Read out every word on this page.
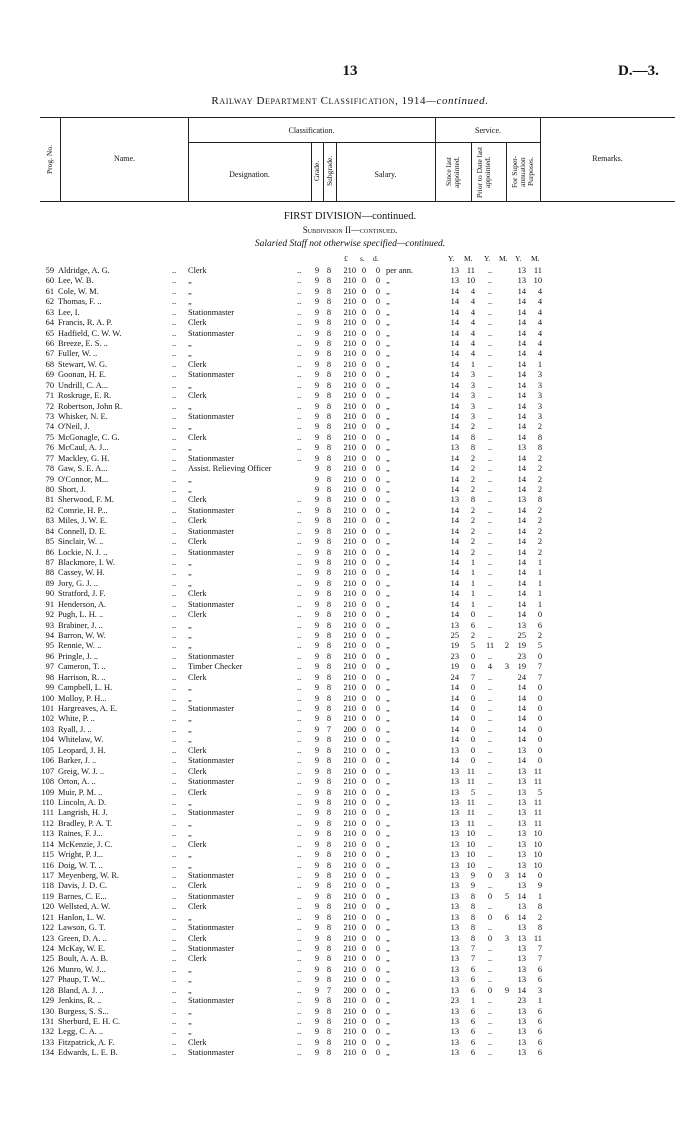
13	D.—3.
Railway Department Classification, 1914—continued.
Prog. No.	Name.
Classification.	Service.
Designation.	Grade. Subgrade.	Salary.	Since last appointed. Prior to Date last appointed.	For Super-annuation Purposes.	Remarks.
FIRST DIVISION—continued.
Subdivision II—continued.
Salaried Staff not otherwise specified—continued.
£ s. d.	Y. M. Y. M. Y. M.
59 Aldridge, A. G.	.. Clerk	.. 9 8	210 0 0 per ann.	13 11	..	13 11
60 Lee, W. B.	.. „	.. 9 8	210 0 0 „	13 10	..	13 10
61 Cole, W. M.	.. „	.. 9 8	210 0 0 „	14	4	..	14	4
62 Thomas, F. ..	.. „	.. 9 8	210 0 0 „	14	4	..	14	4
63 Lee, I.	.. Stationmaster	.. 9 8	210 0 0 „	14	4	..	14	4
64 Francis, R. A. P.	.. Clerk	.. 9 8	210 0 0 „	14	4	..	14	4
65 Hadfield, C. W. W.	.. Stationmaster	.. 9 8	210 0 0 „	14	4	..	14	4
66 Breeze, E. S. ..	.. „	.. 9 8	210 0 0 „	14	4	..	14	4
67 Fuller, W. ..	.. „	.. 9 8	210 0 0 „	14	4	..	14	4
68 Stewart, W. G.	.. Clerk	.. 9 8	210 0 0 „	14	1	..	14	1
69 Goonan, H. E.	.. Stationmaster	.. 9 8	210 0 0 „	14	3	..	14	3
70 Undrill, C. A...	.. „	.. 9 8	210 0 0 „	14	3	..	14	3
71 Roskruge, E. R.	.. Clerk	.. 9 8	210 0 0 „	14	3	..	14	3
72 Robertson, John R.	.. „	.. 9 8	210 0 0 „	14	3	..	14	3
73 Whisker, N. E.	.. Stationmaster	.. 9 8	210 0 0 „	14	3	..	14	3
74 O'Neil, J.	.. „	.. 9 8	210 0 0 „	14	2	..	14	2
75 McGonagle, C. G.	.. Clerk	.. 9 8	210 0 0 „	14	8	..	14	8
76 McCaul, A. J...	.. „	.. 9 8	210 0 0 „	13	8	..	13	8
77 Mackley, G. H.	.. Stationmaster	.. 9 8	210 0 0 „	14	2	..	14	2
78 Gaw, S. E. A...	.. Assist. Relieving Officer	9 8	210 0 0 „	14	2	..	14	2
79 O'Connor, M...	.. „	9 8	210 0 0 „	14	2	..	14	2
80 Short, J.	.. „	9 8	210 0 0 „	14	2	..	14	2
81 Sherwood, F. M.	.. Clerk	.. 9 8	210 0 0 „	13	8	..	13	8
82 Comrie, H. P...	.. Stationmaster	.. 9 8	210 0 0 „	14	2	..	14	2
83 Miles, J. W. E.	.. Clerk	.. 9 8	210 0 0 „	14	2	..	14	2
84 Connell, D. E.	.. Stationmaster	.. 9 8	210 0 0 „	14	2	..	14	2
85 Sinclair, W. ..	.. Clerk	.. 9 8	210 0 0 „	14	2	..	14	2
86 Lockie, N. J. ..	.. Stationmaster	.. 9 8	210 0 0 „	14	2	..	14	2
87 Blackmore, I. W.	.. „	.. 9 8	210 0 0 „	14	1	..	14	1
88 Cassey, W. H.	.. „	.. 9 8	210 0 0 „	14	1	..	14	1
89 Jory, G. J. ..	.. „	.. 9 8	210 0 0 „	14	1	..	14	1
90 Stratford, J. F.	.. Clerk	.. 9 8	210 0 0 „	14	1	..	14	1
91 Henderson, A.	.. Stationmaster	.. 9 8	210 0 0 „	14	1	..	14	1
92 Pugh, L. H. ..	.. Clerk	.. 9 8	210 0 0 „	14	0	..	14	0
93 Brabiner, J. ..	.. „	.. 9 8	210 0 0 „	13	6	..	13	6
94 Barron, W. W.	.. „	.. 9 8	210 0 0 „	25	2	..	25	2
95 Rennie, W. ..	.. „	.. 9 8	210 0 0 „	19	5	11	2	19	5
96 Pringle, J. ..	.. Stationmaster	.. 9 8	210 0 0 „	23	0	..	23	0
97 Cameron, T. ..	.. Timber Checker	.. 9 8	210 0 0 „	19	0	4	3	19	7
98 Harrison, R. ..	.. Clerk	.. 9 8	210 0 0 „	24	7	..	24	7
99 Campbell, L. H.	.. „	.. 9 8	210 0 0 „	14	0	..	14	0
100 Molloy, P. H...	.. „	.. 9 8	210 0 0 „	14	0	..	14	0
101 Hargreaves, A. E.	.. Stationmaster	.. 9 8	210 0 0 „	14	0	..	14	0
102 White, P. ..	.. „	.. 9 8	210 0 0 „	14	0	..	14	0
103 Ryall, J. ..	.. „	.. 9 7	200 0 0 „	14	0	..	14	0
104 Whitelaw, W.	.. „	.. 9 8	210 0 0 „	14	0	..	14	0
105 Leopard, J. H.	.. Clerk	.. 9 8	210 0 0 „	13	0	..	13	0
106 Barker, J. ..	.. Stationmaster	.. 9 8	210 0 0 „	14	0	..	14	0
107 Greig, W. J. ..	.. Clerk	.. 9 8	210 0 0 „	13 11	..	13 11
108 Orton, A. ..	.. Stationmaster	.. 9 8	210 0 0 „	13 11	..	13 11
109 Muir, P. M. ..	.. Clerk	.. 9 8	210 0 0 „	13	5	..	13	5
110 Lincoln, A. D.	.. „	.. 9 8	210 0 0 „	13 11	..	13 11
111 Langrish, H. J.	.. Stationmaster	.. 9 8	210 0 0 „	13 11	..	13 11
112 Bradley, P. A. T.	.. „	.. 9 8	210 0 0 „	13 11	..	13 11
113 Raines, F. J...	.. „	.. 9 8	210 0 0 „	13 10	..	13 10
114 McKenzie, J. C.	.. Clerk	.. 9 8	210 0 0 „	13 10	..	13 10
115 Wright, P. J...	.. „	.. 9 8	210 0 0 „	13 10	..	13 10
116 Doig, W. T. ..	.. „	.. 9 8	210 0 0 „	13 10	..	13 10
117 Meyenberg, W. R.	.. Stationmaster	.. 9 8	210 0 0 „	13	9	0	3	14	0
118 Davis, J. D. C.	.. Clerk	.. 9 8	210 0 0 „	13	9	..	13	9
119 Barnes, C. E...	.. Stationmaster	.. 9 8	210 0 0 „	13	8	0	5	14	1
120 Wellsted, A. W.	.. Clerk	.. 9 8	210 0 0 „	13	8	..	13	8
121 Hanlon, L. W.	.. „	.. 9 8	210 0 0 „	13	8	0	6	14	2
122 Lawson, G. T.	.. Stationmaster	.. 9 8	210 0 0 „	13	8	..	13	8
123 Green, D. A. ..	.. Clerk	.. 9 8	210 0 0 „	13	8	0	3	13 11
124 McKay, W. E.	.. Stationmaster	.. 9 8	210 0 0 „	13	7	..	13	7
125 Boult, A. A. B.	.. Clerk	.. 9 8	210 0 0 „	13	7	..	13	7
126 Munro, W. J...	.. „	.. 9 8	210 0 0 „	13	6	..	13	6
127 Phaup, T. W...	.. „	.. 9 8	210 0 0 „	13	6	..	13	6
128 Bland, A. J. ..	.. „	.. 9 7	200 0 0 „	13	6	0	9	14	3
129 Jenkins, R. ..	.. Stationmaster	.. 9 8	210 0 0 „	23	1	..	23	1
130 Burgess, S. S...	.. „	.. 9 8	210 0 0 „	13	6	..	13	6
131 Sherburd, E. H. C.	.. „	.. 9 8	210 0 0 „	13	6	..	13	6
132 Legg, C. A. ..	.. „	.. 9 8	210 0 0 „	13	6	..	13	6
133 Fitzpatrick, A. F.	.. Clerk	.. 9 8	210 0 0 „	13	6	..	13	6
134 Edwards, L. E. B.	.. Stationmaster	.. 9 8	210 0 0 „	13	6	..	13	6
